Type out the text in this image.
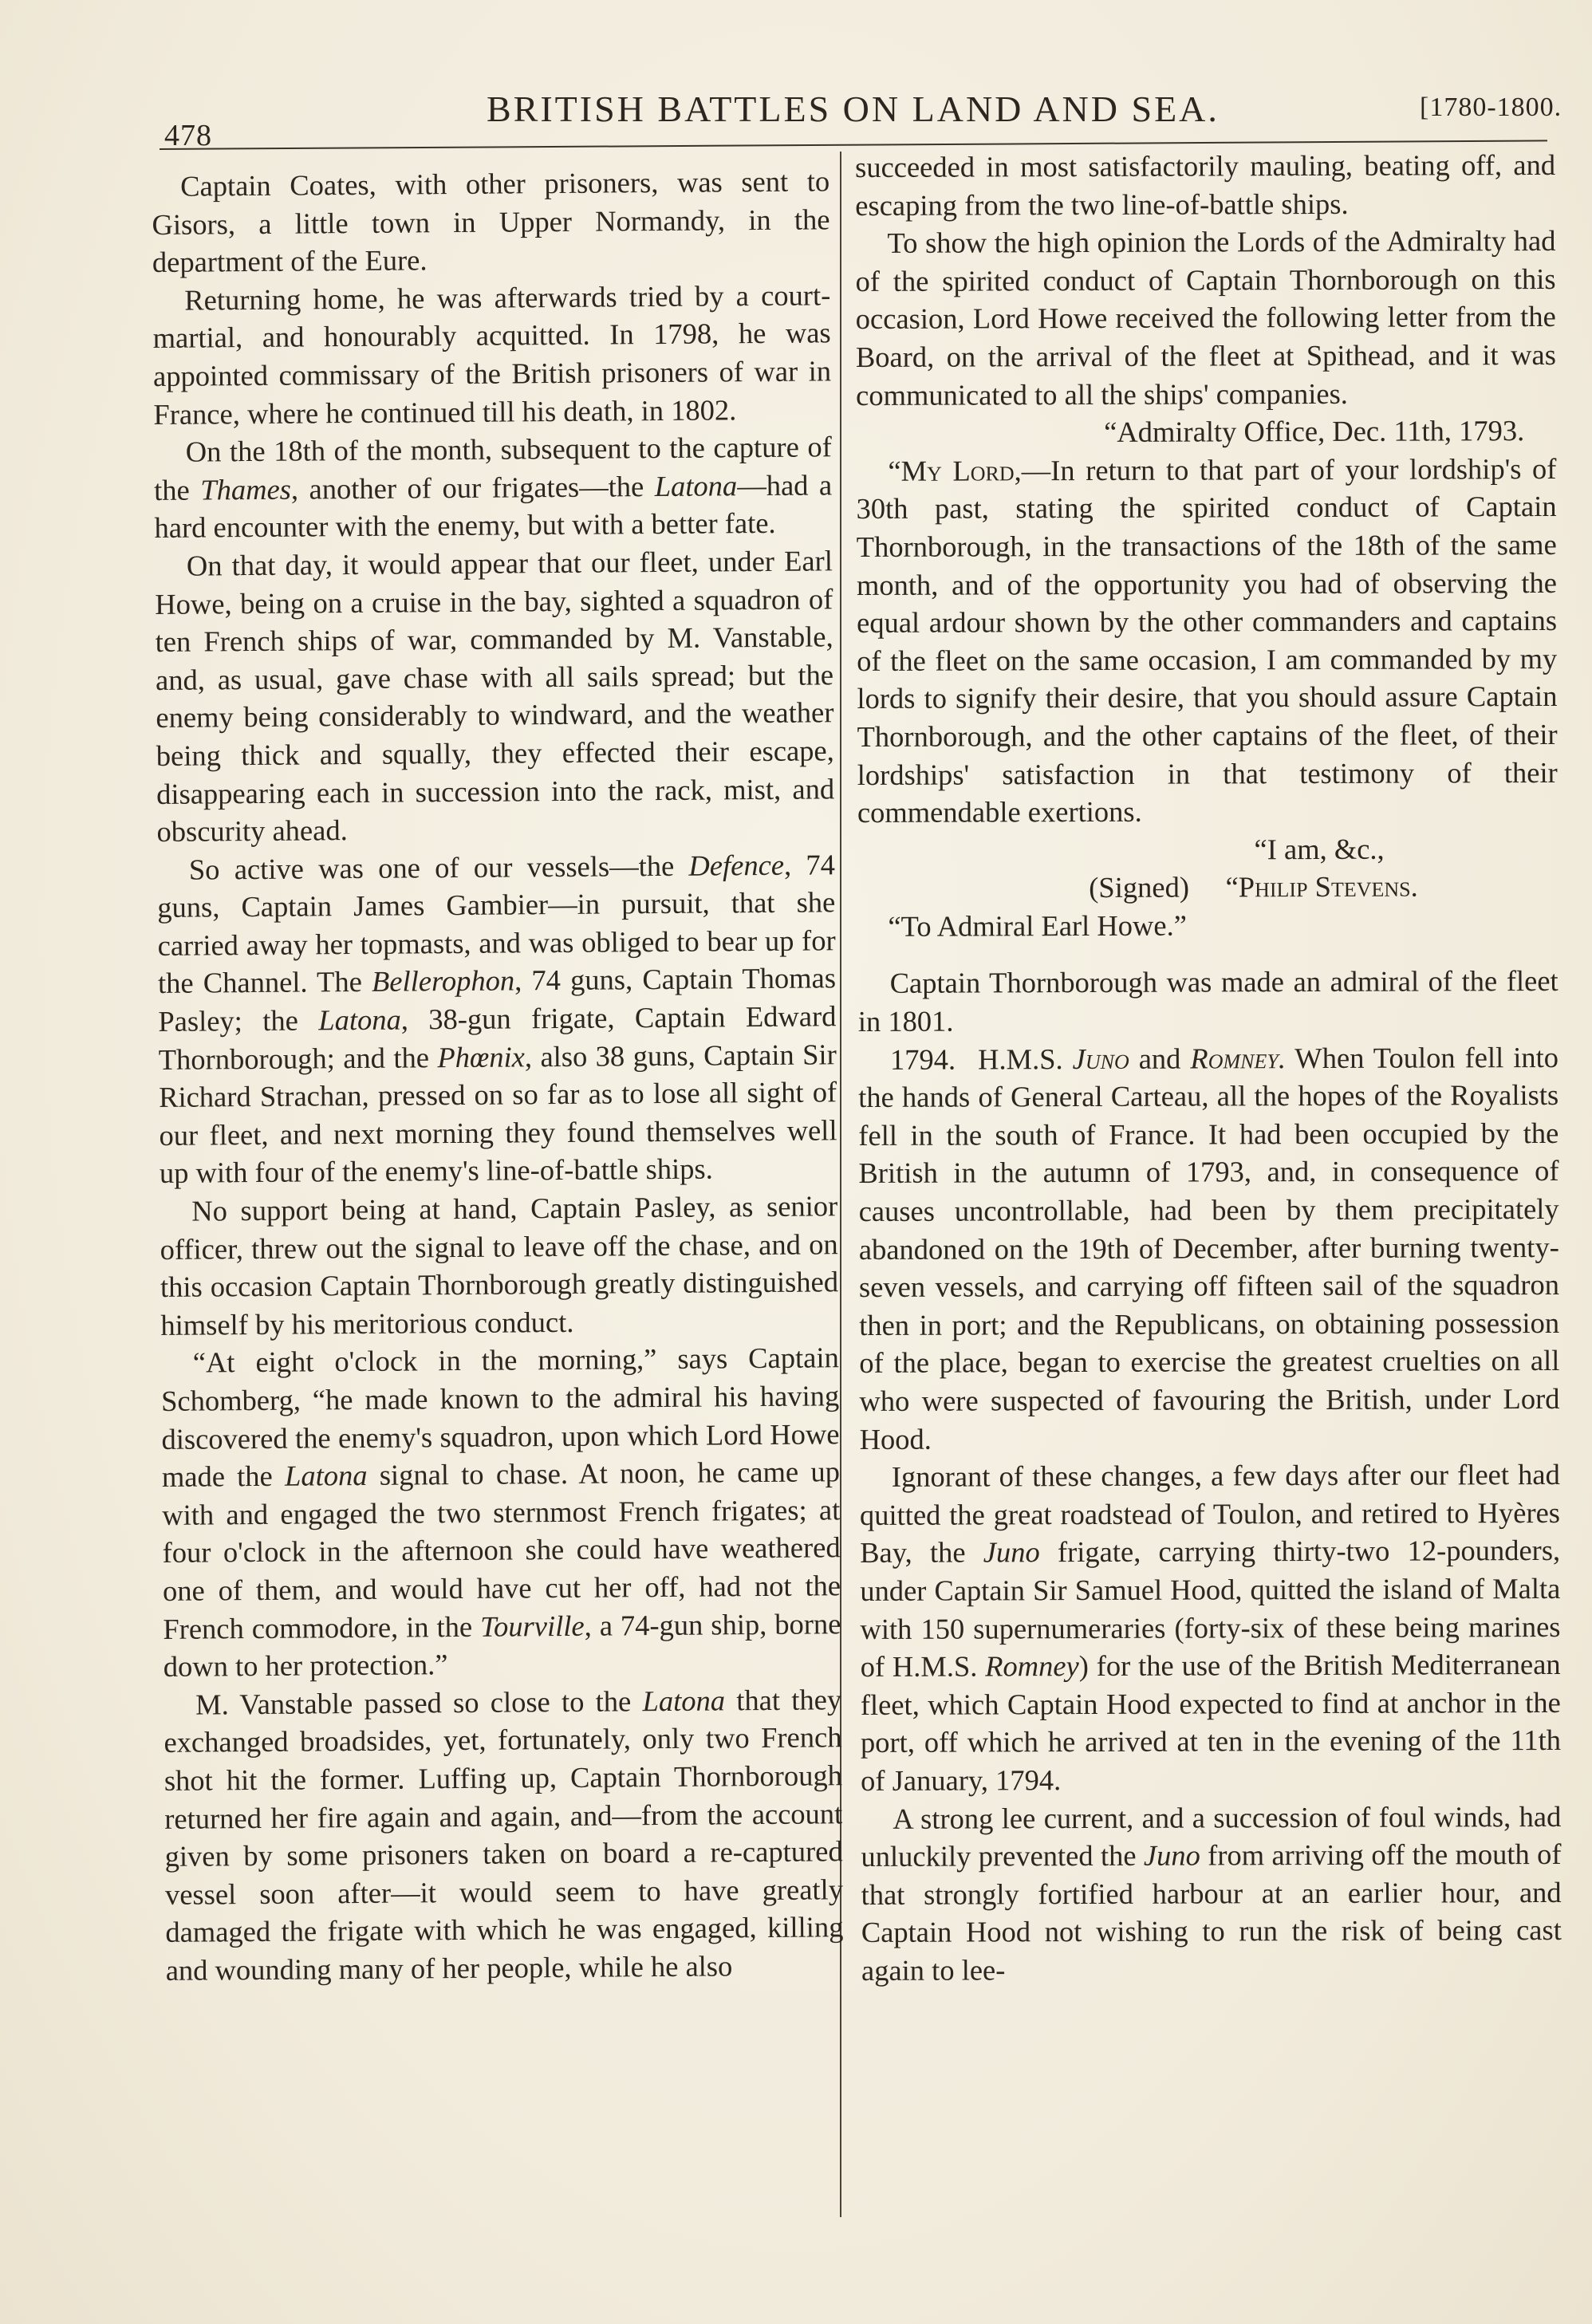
478
BRITISH BATTLES ON LAND AND SEA.	[1780-1800.

Captain Coates, with other prisoners, was sent to Gisors, a little town in Upper Normandy, in the department of the Eure.

Returning home, he was afterwards tried by a court-martial, and honourably acquitted. In 1798, he was appointed commissary of the British prisoners of war in France, where he continued till his death, in 1802.

On the 18th of the month, subsequent to the capture of the Thames, another of our frigates—the Latona—had a hard encounter with the enemy, but with a better fate.

On that day, it would appear that our fleet, under Earl Howe, being on a cruise in the bay, sighted a squadron of ten French ships of war, commanded by M. Vanstable, and, as usual, gave chase with all sails spread; but the enemy being considerably to windward, and the weather being thick and squally, they effected their escape, disappearing each in succession into the rack, mist, and obscurity ahead.

So active was one of our vessels—the Defence, 74 guns, Captain James Gambier—in pursuit, that she carried away her topmasts, and was obliged to bear up for the Channel. The Bellerophon, 74 guns, Captain Thomas Pasley; the Latona, 38-gun frigate, Captain Edward Thornborough; and the Phœnix, also 38 guns, Captain Sir Richard Strachan, pressed on so far as to lose all sight of our fleet, and next morning they found themselves well up with four of the enemy's line-of-battle ships.

No support being at hand, Captain Pasley, as senior officer, threw out the signal to leave off the chase, and on this occasion Captain Thornborough greatly distinguished himself by his meritorious conduct.

“At eight o'clock in the morning,” says Captain Schomberg, “he made known to the admiral his having discovered the enemy's squadron, upon which Lord Howe made the Latona signal to chase. At noon, he came up with and engaged the two sternmost French frigates; at four o'clock in the afternoon she could have weathered one of them, and would have cut her off, had not the French commodore, in the Tourville, a 74-gun ship, borne down to her protection.”

M. Vanstable passed so close to the Latona that they exchanged broadsides, yet, fortunately, only two French shot hit the former. Luffing up, Captain Thornborough returned her fire again and again, and—from the account given by some prisoners taken on board a re-captured vessel soon after—it would seem to have greatly damaged the frigate with which he was engaged, killing and wounding many of her people, while he also

succeeded in most satisfactorily mauling, beating off, and escaping from the two line-of-battle ships.

To show the high opinion the Lords of the Admiralty had of the spirited conduct of Captain Thornborough on this occasion, Lord Howe received the following letter from the Board, on the arrival of the fleet at Spithead, and it was communicated to all the ships' companies.

“Admiralty Office, Dec. 11th, 1793.

“My Lord,—In return to that part of your lordship's of 30th past, stating the spirited conduct of Captain Thornborough, in the transactions of the 18th of the same month, and of the opportunity you had of observing the equal ardour shown by the other commanders and captains of the fleet on the same occasion, I am commanded by my lords to signify their desire, that you should assure Captain Thornborough, and the other captains of the fleet, of their lordships' satisfaction in that testimony of their commendable exertions.

“I am, &c.,

(Signed) “Philip Stevens.

“To Admiral Earl Howe.”

Captain Thornborough was made an admiral of the fleet in 1801.

1794. H.M.S. Juno and Romney. When Toulon fell into the hands of General Carteau, all the hopes of the Royalists fell in the south of France. It had been occupied by the British in the autumn of 1793, and, in consequence of causes uncontrollable, had been by them precipitately abandoned on the 19th of December, after burning twenty-seven vessels, and carrying off fifteen sail of the squadron then in port; and the Republicans, on obtaining possession of the place, began to exercise the greatest cruelties on all who were suspected of favouring the British, under Lord Hood.

Ignorant of these changes, a few days after our fleet had quitted the great roadstead of Toulon, and retired to Hyères Bay, the Juno frigate, carrying thirty-two 12-pounders, under Captain Sir Samuel Hood, quitted the island of Malta with 150 supernumeraries (forty-six of these being marines of H.M.S. Romney) for the use of the British Mediterranean fleet, which Captain Hood expected to find at anchor in the port, off which he arrived at ten in the evening of the 11th of January, 1794.

A strong lee current, and a succession of foul winds, had unluckily prevented the Juno from arriving off the mouth of that strongly fortified harbour at an earlier hour, and Captain Hood not wishing to run the risk of being cast again to lee-
